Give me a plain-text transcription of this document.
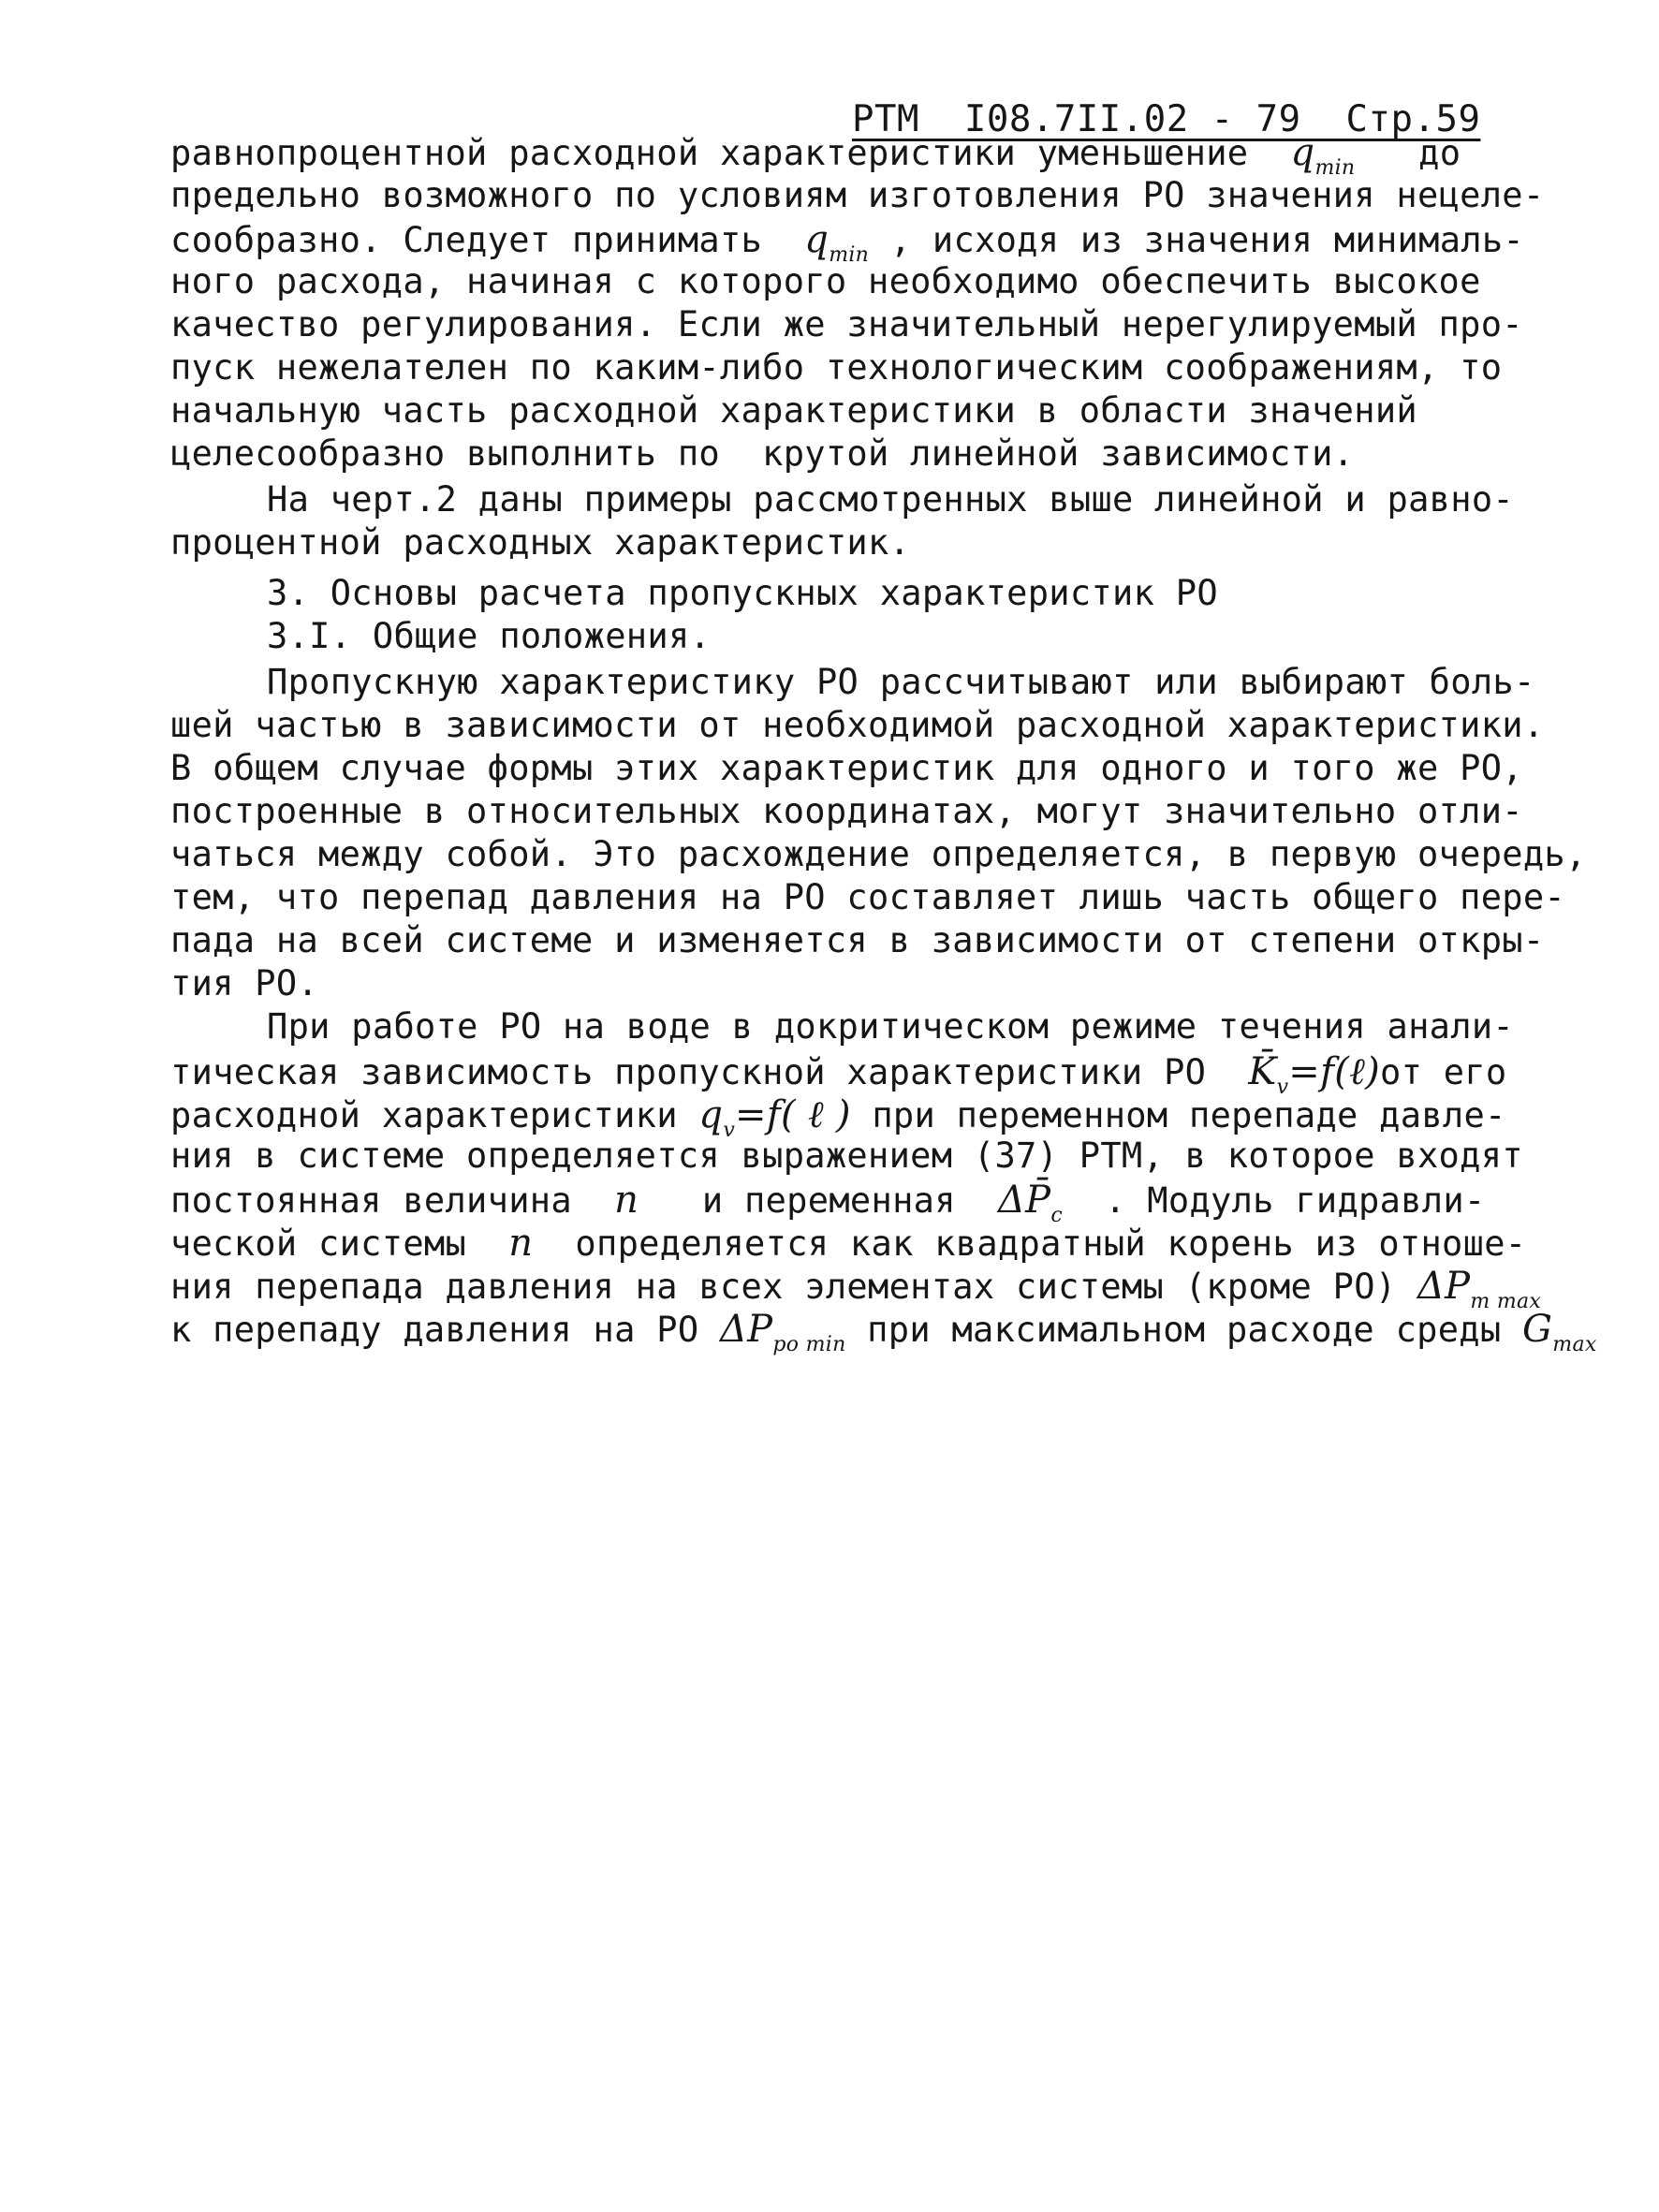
РТМ  I08.7II.02 - 79  Стр.59
равнопроцентной расходной характеристики уменьшение  $q_{min}$   до
предельно возможного по условиям изготовления РО значения нецеле-
сообразно. Следует принимать  $q_{min}$ , исходя из значения минималь-
ного расхода, начиная с которого необходимо обеспечить высокое
качество регулирования. Если же значительный нерегулируемый про-
пуск нежелателен по каким-либо технологическим соображениям, то
начальную часть расходной характеристики в области значений
целесообразно выполнить по  крутой линейной зависимости.
На черт.2 даны примеры рассмотренных выше линейной и равно-
процентной расходных характеристик.
3. Основы расчета пропускных характеристик РО
3.I. Общие положения.
Пропускную характеристику РО рассчитывают или выбирают боль-
шей частью в зависимости от необходимой расходной характеристики.
В общем случае формы этих характеристик для одного и того же РО,
построенные в относительных координатах, могут значительно отли-
чаться между собой. Это расхождение определяется, в первую очередь,
тем, что перепад давления на РО составляет лишь часть общего пере-
пада на всей системе и изменяется в зависимости от степени откры-
тия РО.
При работе РО на воде в докритическом режиме течения анали-
тическая зависимость пропускной характеристики РО  $K̄_v=f(\ell)от$ его
расходной характеристики $q_v=f$( ℓ ) при переменном перепаде давле-
ния в системе определяется выражением (37) РТМ, в которое входят
постоянная величина  n   и переменная  $\Delta P̄_c$  . Модуль гидравли-
ческой системы  n  определяется как квадратный корень из отноше-
ния перепада давления на всех элементах системы (кроме РО) $\Delta P_{т max}$
к перепаду давления на РО $\Delta P_{ро min}$ при максимальном расходе среды $G_{max}$
